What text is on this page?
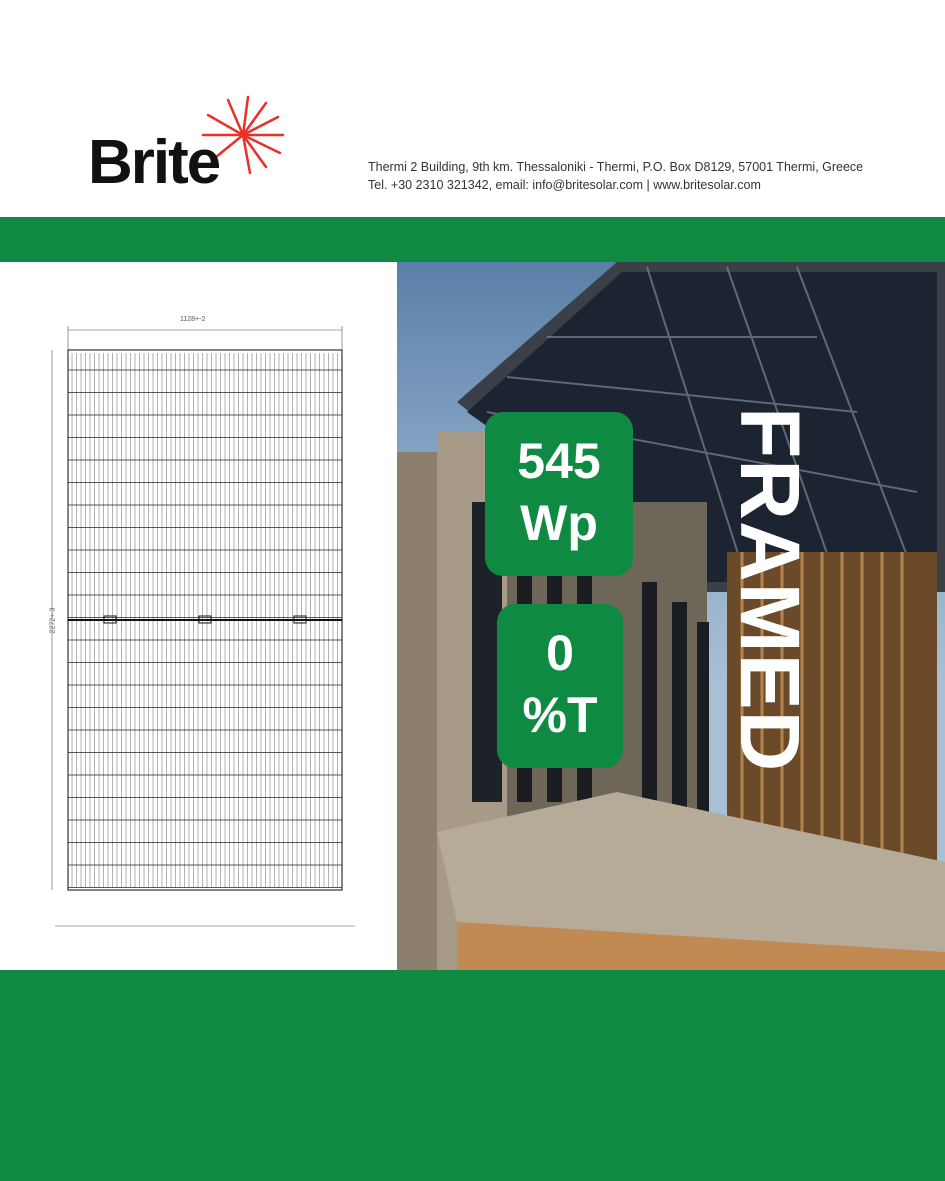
Brite	Thermi 2 Building, 9th km. Thessaloniki - Thermi, P.O. Box D8129, 57001 Thermi, Greece
Tel. +30 2310 321342, email: info@britesolar.com | www.britesolar.com
1128+-2
2272+-3
545
Wp
0
%T	FRAMED
